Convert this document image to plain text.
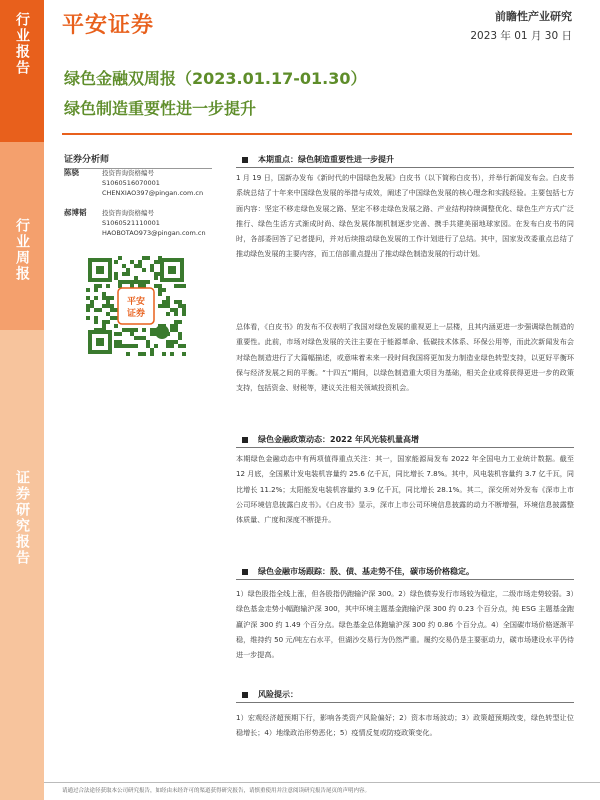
行业报告
行业周报
证券研究报告
平安证券	前瞻性产业研究
2023 年 01 月 30 日
绿色金融双周报（2023.01.17-01.30）
绿色制造重要性进一步提升
证券分析师
陈骁	投资咨询资格编号
S1060516070001
CHENXIAO397@pingan.com.cn
郝博韬 投资咨询资格编号
S1060521110001
HAOBOTAO973@pingan.com.cn
平安
证券
本期重点：绿色制造重要性进一步提升

1 月 19 日，国新办发布《新时代的中国绿色发展》白皮书（以下简称白皮书），并举行新闻发布会。白皮书系统总结了十年来中国绿色发展的举措与成效，阐述了中国绿色发展的核心理念和实践经验。主要包括七方面内容：坚定不移走绿色发展之路、坚定不移走绿色发展之路、产业结构持续调整优化、绿色生产方式广泛推行、绿色生活方式渐成时尚、绿色发展体制机制逐步完善、携手共建美丽地球家园。在发布白皮书的同时，各部委回答了记者提问，并对后续推动绿色发展的工作计划进行了总结。其中，国家发改委重点总结了推动绿色发展的主要内容，而工信部重点提出了推动绿色制造发展的行动计划。

总体看，《白皮书》的发布不仅表明了我国对绿色发展的重视更上一层楼，且其内涵更进一步强调绿色制造的重要性。此前，市场对绿色发展的关注主要在于能源革命、低碳技术体系、环保公用等，而此次新闻发布会对绿色制造进行了大篇幅描述，或意味着未来一段时间我国将更加发力制造业绿色转型支持，以更好平衡环保与经济发展之间的平衡。“十四五”期间，以绿色制造重大项目为基础，相关企业或将获得更进一步的政策支持，包括资金、财税等，建议关注相关领域投资机会。

绿色金融政策动态：2022 年风光装机量高增

本期绿色金融动态中有两项值得重点关注：其一，国家能源局发布 2022 年全国电力工业统计数据。截至 12 月底，全国累计发电装机容量约 25.6 亿千瓦，同比增长 7.8%。其中，风电装机容量约 3.7 亿千瓦，同比增长 11.2%；太阳能发电装机容量约 3.9 亿千瓦，同比增长 28.1%。其二，深交所对外发布《深市上市公司环境信息披露白皮书》。《白皮书》显示，深市上市公司环境信息披露的动力不断增强，环境信息披露整体质量、广度和深度不断提升。

绿色金融市场跟踪：股、债、基走势不佳，碳市场价格稳定。

1）绿色股指全线上涨，但各股指仍跑输沪深 300。2）绿色债券发行市场较为稳定，二级市场走势较弱。3）绿色基金走势小幅跑输沪深 300，其中环境主题基金跑输沪深 300 约 0.23 个百分点，纯 ESG 主题基金跑赢沪深 300 约 1.49 个百分点。绿色基金总体跑输沪深 300 约 0.86 个百分点。4）全国碳市场价格逐渐平稳，维持约 50 元/吨左右水平，但湖沙交易行为仍然严重。履约交易仍是主要驱动力，碳市场建设水平仍待进一步提高。

风险提示：

1）宏观经济超预期下行，影响各类资产风险偏好；2）资本市场波动；3）政策超预期改变，绿色转型让位稳增长；4）地缘政治形势恶化；5）疫情反复或防疫政策变化。

请通过合法途径获取本公司研究报告，如经由未经许可的渠道获得研究报告，请慎重使用并注意阅读研究报告尾页的声明内容。
